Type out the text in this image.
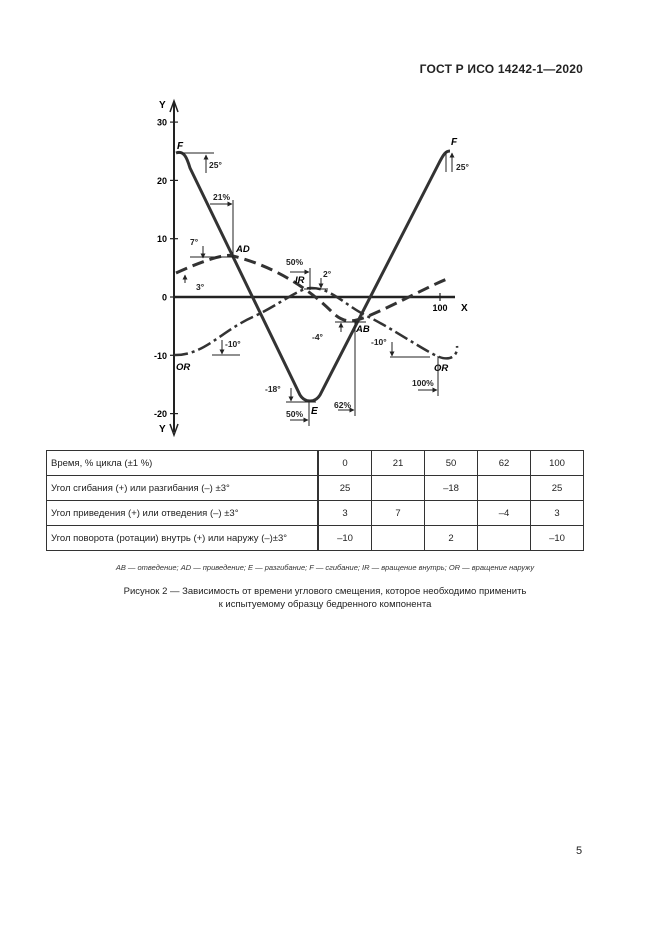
ГОСТ Р ИСО 14242-1—2020
Y
Y
X
30
20
10
0
-10
-20
100
F	F
AD
AB
IR
OR	OR
E
25°	25°
21%
7°
3°
50%
2°
-4°
-10°	-10°
-18°
50%
62%
100%
Время, % цикла (±1 %)		0	21	50	62	100
Угол сгибания (+) или разгибания (–) ±3°		25		–18		25
Угол приведения (+) или отведения (–) ±3°		3	7		–4	3
Угол поворота (ротации) внутрь (+) или наружу (–)±3°		–10		2		–10
AB — отведение; AD — приведение; E — разгибание; F — сгибание; IR — вращение внутрь; OR — вращение наружу
Рисунок 2 — Зависимость от времени углового смещения, которое необходимо применить
к испытуемому образцу бедренного компонента
5
